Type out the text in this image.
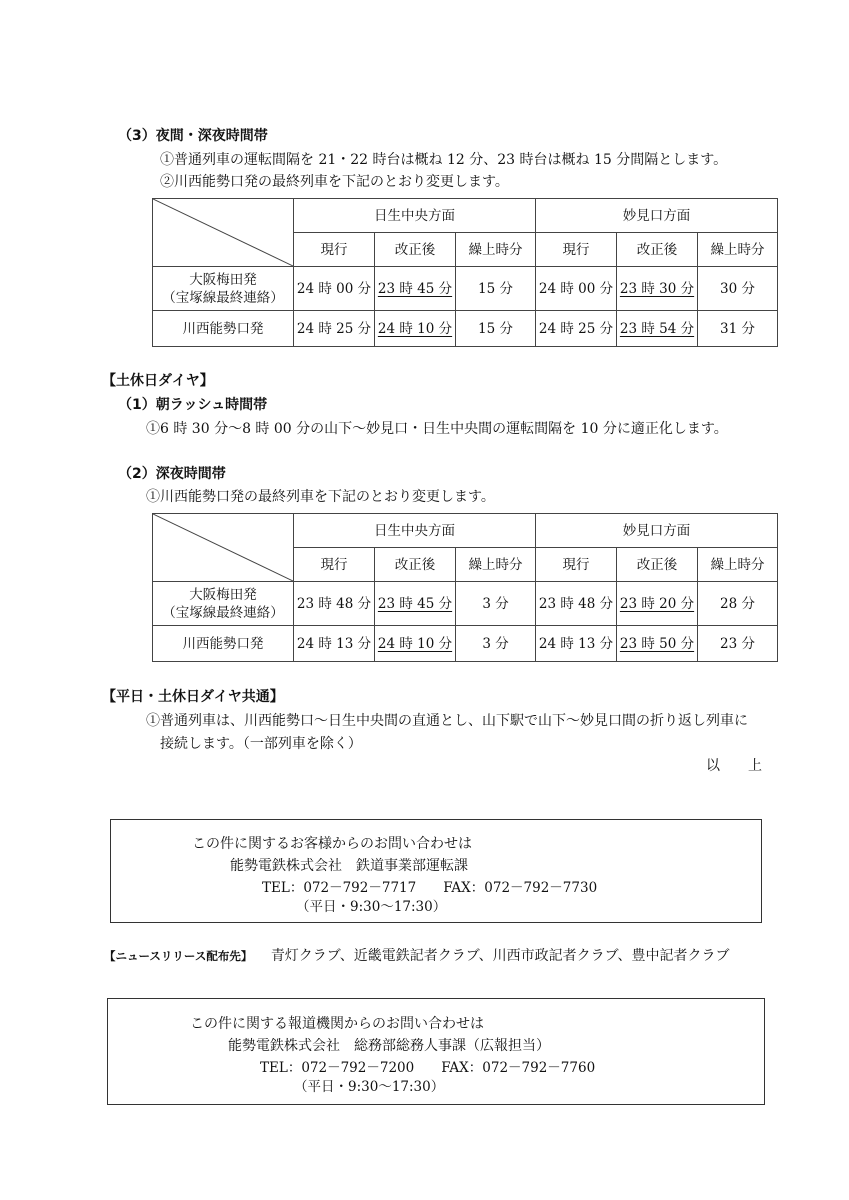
（3）夜間・深夜時間帯
①普通列車の運転間隔を 21・22 時台は概ね 12 分、23 時台は概ね 15 分間隔とします。
②川西能勢口発の最終列車を下記のとおり変更します。
	日生中央方面			妙見口方面		
	現行	改正後	繰上時分	現行	改正後	繰上時分
大阪梅田発
（宝塚線最終連絡）	24 時 00 分	23 時 45 分	15 分	24 時 00 分	23 時 30 分	30 分
川西能勢口発	24 時 25 分	24 時 10 分	15 分	24 時 25 分	23 時 54 分	31 分
【土休日ダイヤ】
（1）朝ラッシュ時間帯
①6 時 30 分～8 時 00 分の山下～妙見口・日生中央間の運転間隔を 10 分に適正化します。
（2）深夜時間帯
①川西能勢口発の最終列車を下記のとおり変更します。
	日生中央方面			妙見口方面		
	現行	改正後	繰上時分	現行	改正後	繰上時分
大阪梅田発
（宝塚線最終連絡）	23 時 48 分	23 時 45 分	3 分	23 時 48 分	23 時 20 分	28 分
川西能勢口発	24 時 13 分	24 時 10 分	3 分	24 時 13 分	23 時 50 分	23 分
【平日・土休日ダイヤ共通】
①普通列車は、川西能勢口～日生中央間の直通とし、山下駅で山下～妙見口間の折り返し列車に
接続します。（一部列車を除く）
以　　上
この件に関するお客様からのお問い合わせは
能勢電鉄株式会社　鉄道事業部運転課
TEL：072－792－7717　　FAX：072－792－7730
（平日・9:30～17:30）
【ニュースリリース配布先】 青灯クラブ、近畿電鉄記者クラブ、川西市政記者クラブ、豊中記者クラブ
この件に関する報道機関からのお問い合わせは
能勢電鉄株式会社　総務部総務人事課（広報担当）
TEL：072－792－7200　　FAX：072－792－7760
（平日・9:30～17:30）
